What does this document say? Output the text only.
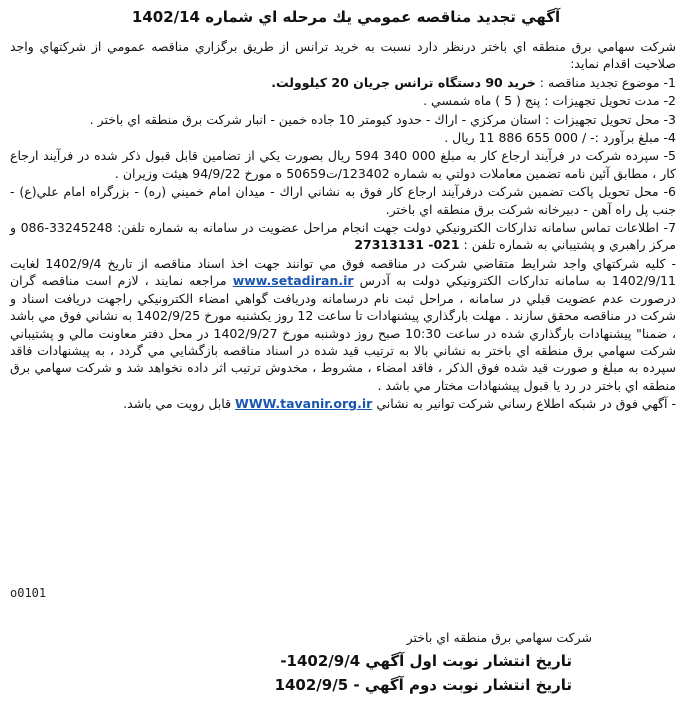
آگهي تجديد مناقصه عمومي يك مرحله اي شماره 1402/14

شركت سهامي برق منطقه اي باختر درنظر دارد نسبت به خريد ترانس از طريق برگزاري مناقصه عمومي از شركتهاي واجد صلاحيت اقدام نمايد:

1- موضوع تجديد مناقصه : خريد 90 دستگاه ترانس جريان 20 كيلوولت.

2- مدت تحويل تجهيزات : پنج ( 5 ) ماه شمسي .

3- محل تحويل تجهيزات : استان مركزي - اراك - حدود كيومتر 10 جاده خمين - انبار شركت برق منطقه اي باختر .

4- مبلغ برآورد :- / 000 655 886 11 ريال .

5- سپرده شركت در فرآيند ارجاع كار به مبلغ 000 340 594 ريال بصورت يكي از تضامين قابل قبول ذكر شده در فرآيند ارجاع كار ، مطابق آئين نامه تضمين معاملات دولتي به شماره 123402/ت50659 ه مورخ 94/9/22 هيئت وزيران .

6- محل تحويل پاكت تضمين شركت درفرآيند ارجاع كار فوق به نشاني اراك - ميدان امام خميني (ره) - بزرگراه امام علي(ع) - جنب پل راه آهن - دبيرخانه شركت برق منطقه اي باختر.

7- اطلاعات تماس سامانه تداركات الكترونيكي دولت جهت انجام مراحل عضويت در سامانه به شماره تلفن: 33245248-086 و مركز راهبري و پشتيباني به شماره تلفن : 021- 27313131

- كليه شركتهاي واجد شرايط متقاضي شركت در مناقصه فوق مي توانند جهت اخذ اسناد مناقصه از تاريخ 1402/9/4 لغايت 1402/9/11 به سامانه تداركات الكترونيكي دولت به آدرس www.setadiran.ir مراجعه نمايند ، لازم است مناقصه گران درصورت عدم عضويت قبلي در سامانه ، مراحل ثبت نام درسامانه ودريافت گواهي امضاء الكترونيكي راجهت دريافت اسناد و شركت در مناقصه محقق سازند . مهلت بارگذاري پيشنهادات تا ساعت 12 روز يكشنبه مورخ 1402/9/25 به نشاني فوق مي باشد ، ضمنا" پيشنهادات بارگذاري شده در ساعت 10:30 صبح روز دوشنبه مورخ 1402/9/27 در محل دفتر معاونت مالي و پشتيباني شركت سهامي برق منطقه اي باختر به نشاني بالا به ترتيب قيد شده در اسناد مناقصه بازگشايي مي گردد ، به پيشنهادات فاقد سپرده به مبلغ و صورت قيد شده فوق الذكر ، فاقد امضاء ، مشروط ، مخدوش ترتيب اثر داده نخواهد شد و شركت سهامي برق منطقه اي باختر در رد يا قبول پيشنهادات مختار مي باشد .

- آگهي فوق در شبكه اطلاع رساني شركت توانير به نشاني WWW.tavanir.org.ir قابل رويت مي باشد.

o0101
شركت سهامي برق منطقه اي باختر
تاريخ انتشار نوبت اول آگهي 1402/9/4-
تاريخ انتشار نوبت دوم آگهي - 1402/9/5
